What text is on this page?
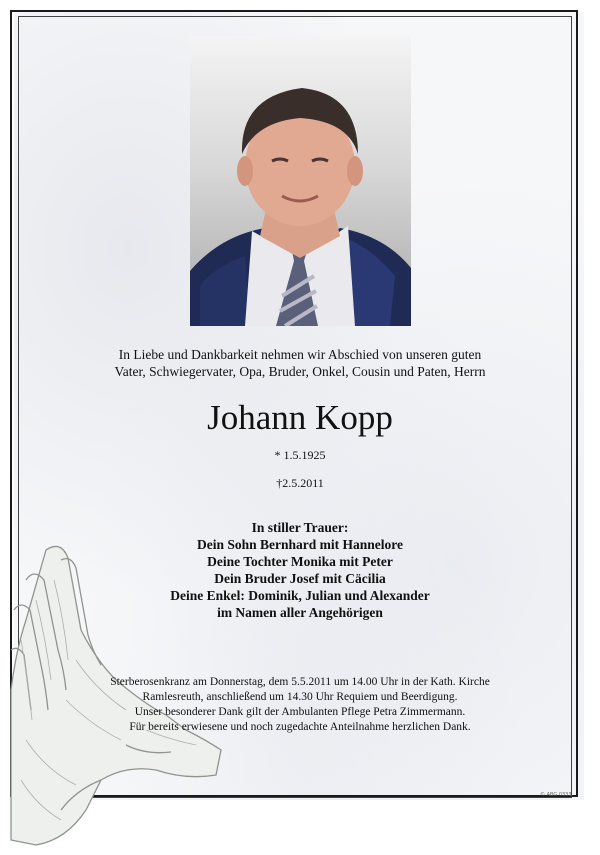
In Liebe und Dankbarkeit nehmen wir Abschied von unseren guten
Vater, Schwiegervater, Opa, Bruder, Onkel, Cousin und Paten, Herrn
Johann Kopp
* 1.5.1925
†2.5.2011
In stiller Trauer:
Dein Sohn Bernhard mit Hannelore
Deine Tochter Monika mit Peter
Dein Bruder Josef mit Cäcilia
Deine Enkel: Dominik, Julian und Alexander
im Namen aller Angehörigen
Sterberosenkranz am Donnerstag, dem 5.5.2011 um 14.00 Uhr in der Kath. Kirche
Ramlesreuth, anschließend um 14.30 Uhr Requiem und Beerdigung.
Unser besonderer Dank gilt der Ambulanten Pflege Petra Zimmermann.
Für bereits erwiesene und noch zugedachte Anteilnahme herzlichen Dank.
© ABG 0333
